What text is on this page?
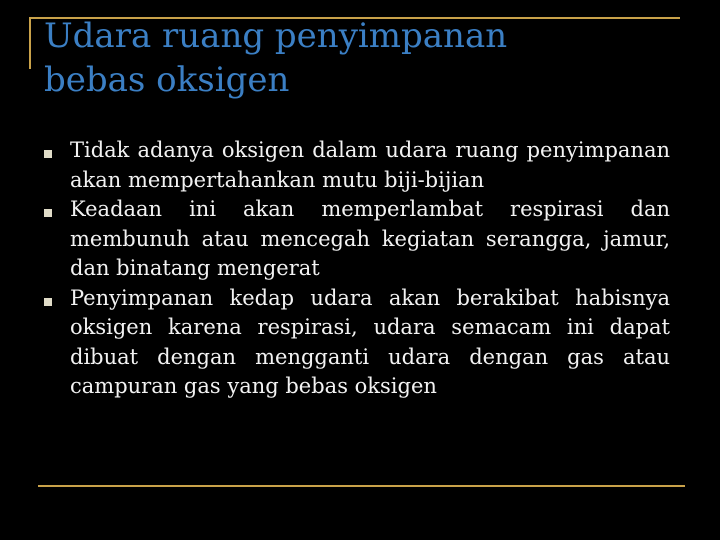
Udara ruang penyimpanan
bebas oksigen
Tidak adanya oksigen dalam udara ruang penyimpanan akan mempertahankan mutu biji-bijian
Keadaan ini akan memperlambat respirasi dan membunuh atau mencegah kegiatan serangga, jamur, dan binatang mengerat
Penyimpanan kedap udara akan berakibat habisnya oksigen karena respirasi, udara semacam ini dapat dibuat dengan mengganti udara dengan gas atau campuran gas yang bebas oksigen
